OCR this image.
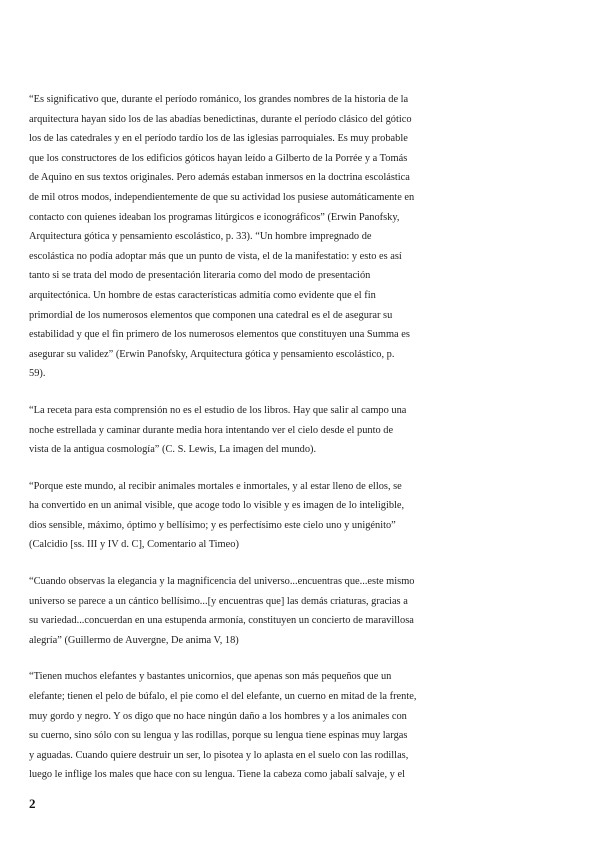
“Es significativo que, durante el período románico, los grandes nombres de la historia de la
arquitectura hayan sido los de las abadías benedictinas, durante el período clásico del gótico
los de las catedrales y en el período tardío los de las iglesias parroquiales. Es muy probable
que los constructores de los edificios góticos hayan leído a Gilberto de la Porrée y a Tomás
de Aquino en sus textos originales. Pero además estaban inmersos en la doctrina escolástica
de mil otros modos, independientemente de que su actividad los pusiese automáticamente en
contacto con quienes ideaban los programas litúrgicos e iconográficos” (Erwin Panofsky,
Arquitectura gótica y pensamiento escolástico, p. 33). “Un hombre impregnado de
escolástica no podía adoptar más que un punto de vista, el de la manifestatio: y esto es así
tanto si se trata del modo de presentación literaria como del modo de presentación
arquitectónica. Un hombre de estas características admitía como evidente que el fin
primordial de los numerosos elementos que componen una catedral es el de asegurar su
estabilidad y que el fin primero de los numerosos elementos que constituyen una Summa es
asegurar su validez” (Erwin Panofsky, Arquitectura gótica y pensamiento escolástico, p.
59).

“La receta para esta comprensión no es el estudio de los libros. Hay que salir al campo una
noche estrellada y caminar durante media hora intentando ver el cielo desde el punto de
vista de la antigua cosmología” (C. S. Lewis, La imagen del mundo).

“Porque este mundo, al recibir animales mortales e inmortales, y al estar lleno de ellos, se
ha convertido en un animal visible, que acoge todo lo visible y es imagen de lo inteligible,
dios sensible, máximo, óptimo y bellísimo; y es perfectísimo este cielo uno y unigénito”
(Calcidio [ss. III y IV d. C], Comentario al Timeo)

“Cuando observas la elegancia y la magnificencia del universo...encuentras que...este mismo
universo se parece a un cántico bellísimo...[y encuentras que] las demás criaturas, gracias a
su variedad...concuerdan en una estupenda armonía, constituyen un concierto de maravillosa
alegría” (Guillermo de Auvergne, De anima V, 18)

“Tienen muchos elefantes y bastantes unicornios, que apenas son más pequeños que un
elefante; tienen el pelo de búfalo, el pie como el del elefante, un cuerno en mitad de la frente,
muy gordo y negro. Y os digo que no hace ningún daño a los hombres y a los animales con
su cuerno, sino sólo con su lengua y las rodillas, porque su lengua tiene espinas muy largas
y aguadas. Cuando quiere destruir un ser, lo pisotea y lo aplasta en el suelo con las rodillas,
luego le inflige los males que hace con su lengua. Tiene la cabeza como jabalí salvaje, y el

2
